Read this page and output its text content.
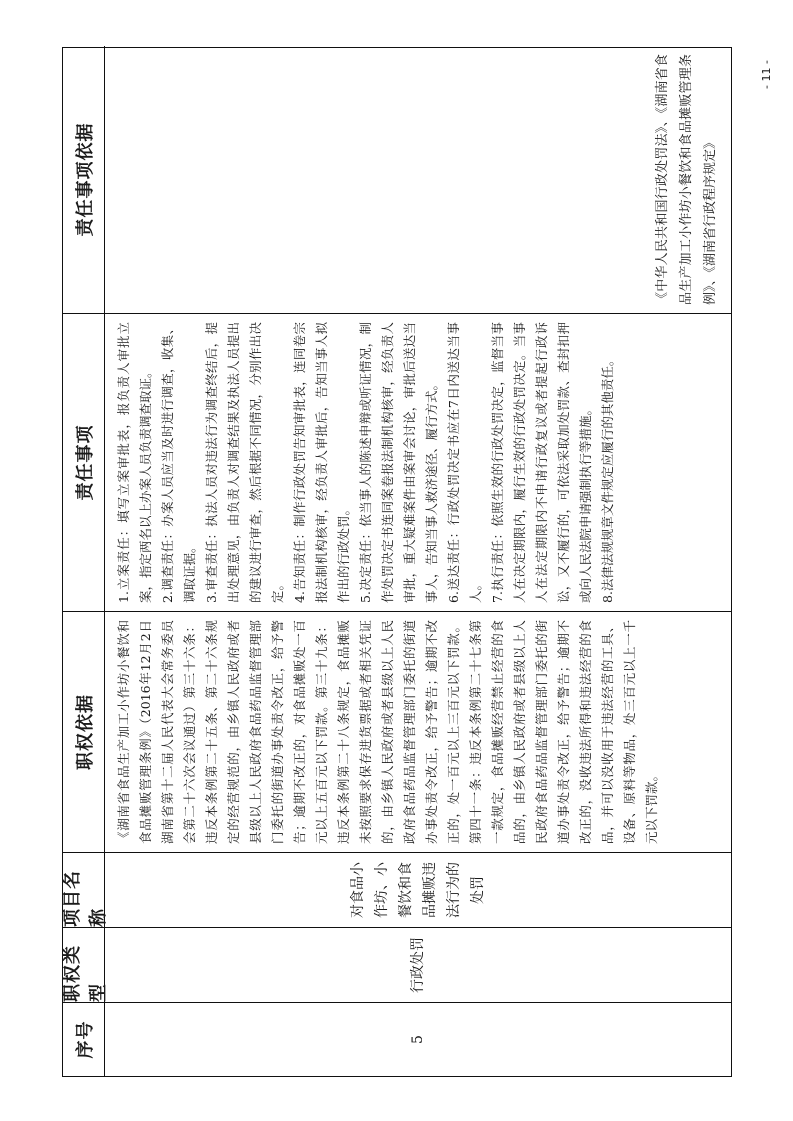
序号
职权类型
项目名称
职权依据
责任事项
责任事项依据
5
行政处罚
对食品小作坊、小餐饮和食品摊贩违法行为的处罚
《湖南省食品生产加工小作坊小餐饮和食品摊贩管理条例》（2016年12月2日湖南省第十二届人民代表大会常务委员会第二十六次会议通过）第三十六条：违反本条例第二十五条、第二十六条规定的经营规范的，由乡镇人民政府或者县级以上人民政府食品药品监督管理部门委托的街道办事处责令改正，给予警告；逾期不改正的，对食品摊贩处一百元以上五百元以下罚款。第三十九条：违反本条例第二十八条规定，食品摊贩未按照要求保存进货票据或者相关凭证的，由乡镇人民政府或者县级以上人民政府食品药品监督管理部门委托的街道办事处责令改正，给予警告；逾期不改正的，处一百元以上三百元以下罚款。第四十一条：违反本条例第二十七条第一款规定，食品摊贩经营禁止经营的食品的，由乡镇人民政府或者县级以上人民政府食品药品监督管理部门委托的街道办事处责令改正，给予警告；逾期不改正的，没收违法所得和违法经营的食品，并可以没收用于违法经营的工具、设备、原料等物品，处三百元以上一千元以下罚款。

1.立案责任：填写立案审批表，报负责人审批立案，指定两名以上办案人员负责调查取证。 2.调查责任：办案人员应当及时进行调查，收集、调取证据。 3.审查责任：执法人员对违法行为调查终结后，提出处理意见，由负责人对调查结果及执法人员提出的建议进行审查，然后根据不同情况，分别作出决定。 4.告知责任：制作行政处罚告知审批表，连同卷宗报法制机构核审，经负责人审批后，告知当事人拟作出的行政处罚。 5.决定责任：依当事人的陈述申辩或听证情况，制作处罚决定书连同案卷报法制机构核审，经负责人审批，重大疑难案件由案审会讨论，审批后送达当事人，告知当事人救济途径、履行方式。 6.送达责任：行政处罚决定书应在7日内送达当事人。 7.执行责任：依照生效的行政处罚决定，监督当事人在决定期限内，履行生效的行政处罚决定。当事人在法定期限内不申请行政复议或者提起行政诉讼，又不履行的，可依法采取加处罚款、查封扣押或向人民法院申请强制执行等措施。 8.法律法规规章文件规定应履行的其他责任。

《中华人民共和国行政处罚法》、《湖南省食品生产加工小作坊小餐饮和食品摊贩管理条例》、《湖南省行政程序规定》
- 11 -
